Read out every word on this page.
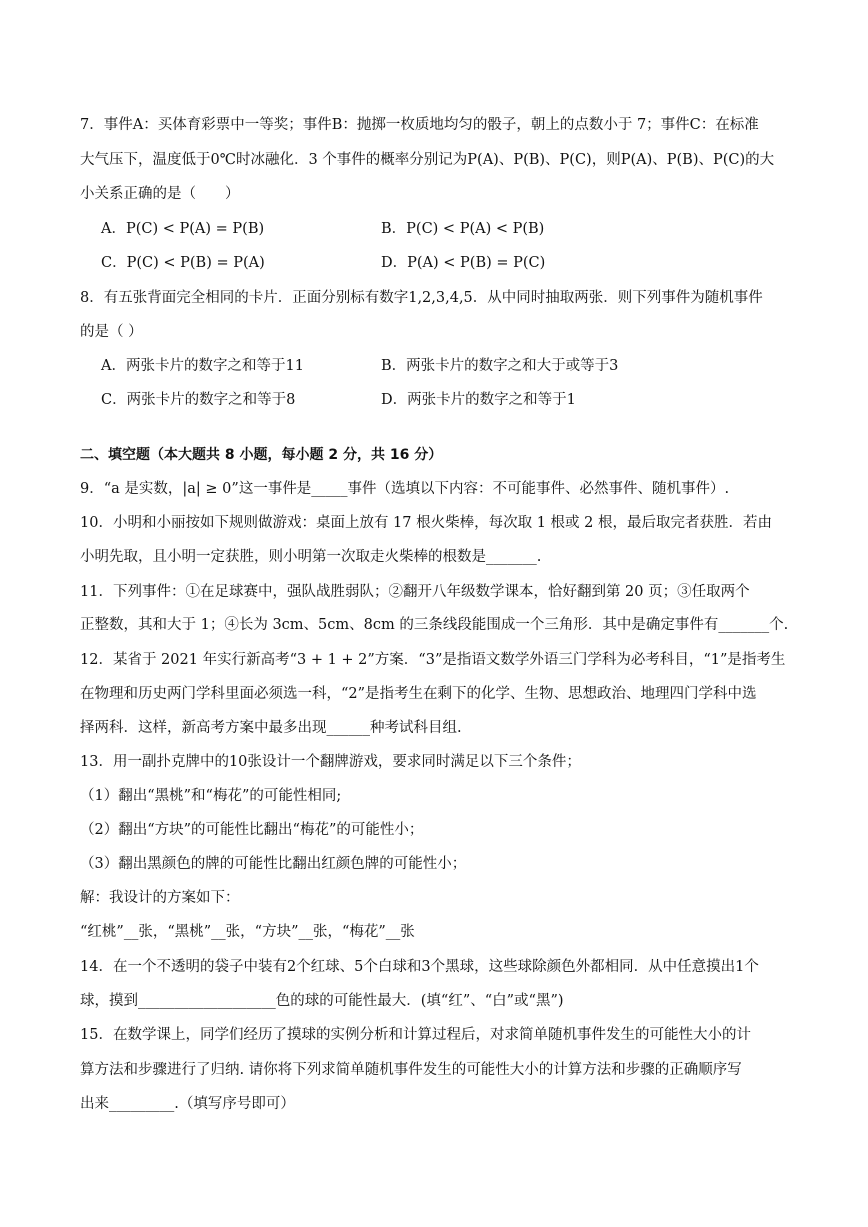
7．事件A：买体育彩票中一等奖；事件B：抛掷一枚质地均匀的骰子，朝上的点数小于 7；事件C：在标准
大气压下，温度低于0℃时冰融化．3 个事件的概率分别记为P(A)、P(B)、P(C)，则P(A)、P(B)、P(C)的大
小关系正确的是（　　）
A．P(C) < P(A) = P(B)	B．P(C) < P(A) < P(B)
C．P(C) < P(B) = P(A)	D．P(A) < P(B) = P(C)
8．有五张背面完全相同的卡片．正面分别标有数字1,2,3,4,5．从中同时抽取两张．则下列事件为随机事件
的是（ ）
A．两张卡片的数字之和等于11	B．两张卡片的数字之和大于或等于3
C．两张卡片的数字之和等于8	D．两张卡片的数字之和等于1
二、填空题（本大题共 8 小题，每小题 2 分，共 16 分）
9．“a 是实数，|a| ≥ 0”这一事件是_____事件（选填以下内容：不可能事件、必然事件、随机事件）.
10．小明和小丽按如下规则做游戏：桌面上放有 17 根火柴棒，每次取 1 根或 2 根，最后取完者获胜．若由
小明先取，且小明一定获胜，则小明第一次取走火柴棒的根数是_______.
11．下列事件：①在足球赛中，强队战胜弱队；②翻开八年级数学课本，恰好翻到第 20 页；③任取两个
正整数，其和大于 1；④长为 3cm、5cm、8cm 的三条线段能围成一个三角形．其中是确定事件有_______个.
12．某省于 2021 年实行新高考“3 + 1 + 2”方案．“3”是指语文数学外语三门学科为必考科目，“1”是指考生
在物理和历史两门学科里面必须选一科，“2”是指考生在剩下的化学、生物、思想政治、地理四门学科中选
择两科．这样，新高考方案中最多出现______种考试科目组.
13．用一副扑克牌中的10张设计一个翻牌游戏，要求同时满足以下三个条件；
（1）翻出“黑桃”和“梅花”的可能性相同;
（2）翻出“方块”的可能性比翻出“梅花”的可能性小；
（3）翻出黑颜色的牌的可能性比翻出红颜色牌的可能性小；
解：我设计的方案如下：
“红桃”__张，“黑桃”__张，“方块”__张，“梅花”__张
14．在一个不透明的袋子中装有2个红球、5个白球和3个黑球，这些球除颜色外都相同．从中任意摸出1个
球，摸到___________________色的球的可能性最大．(填“红”、“白”或“黑”)
15．在数学课上，同学们经历了摸球的实例分析和计算过程后，对求简单随机事件发生的可能性大小的计
算方法和步骤进行了归纳. 请你将下列求简单随机事件发生的可能性大小的计算方法和步骤的正确顺序写
出来_________.（填写序号即可）
